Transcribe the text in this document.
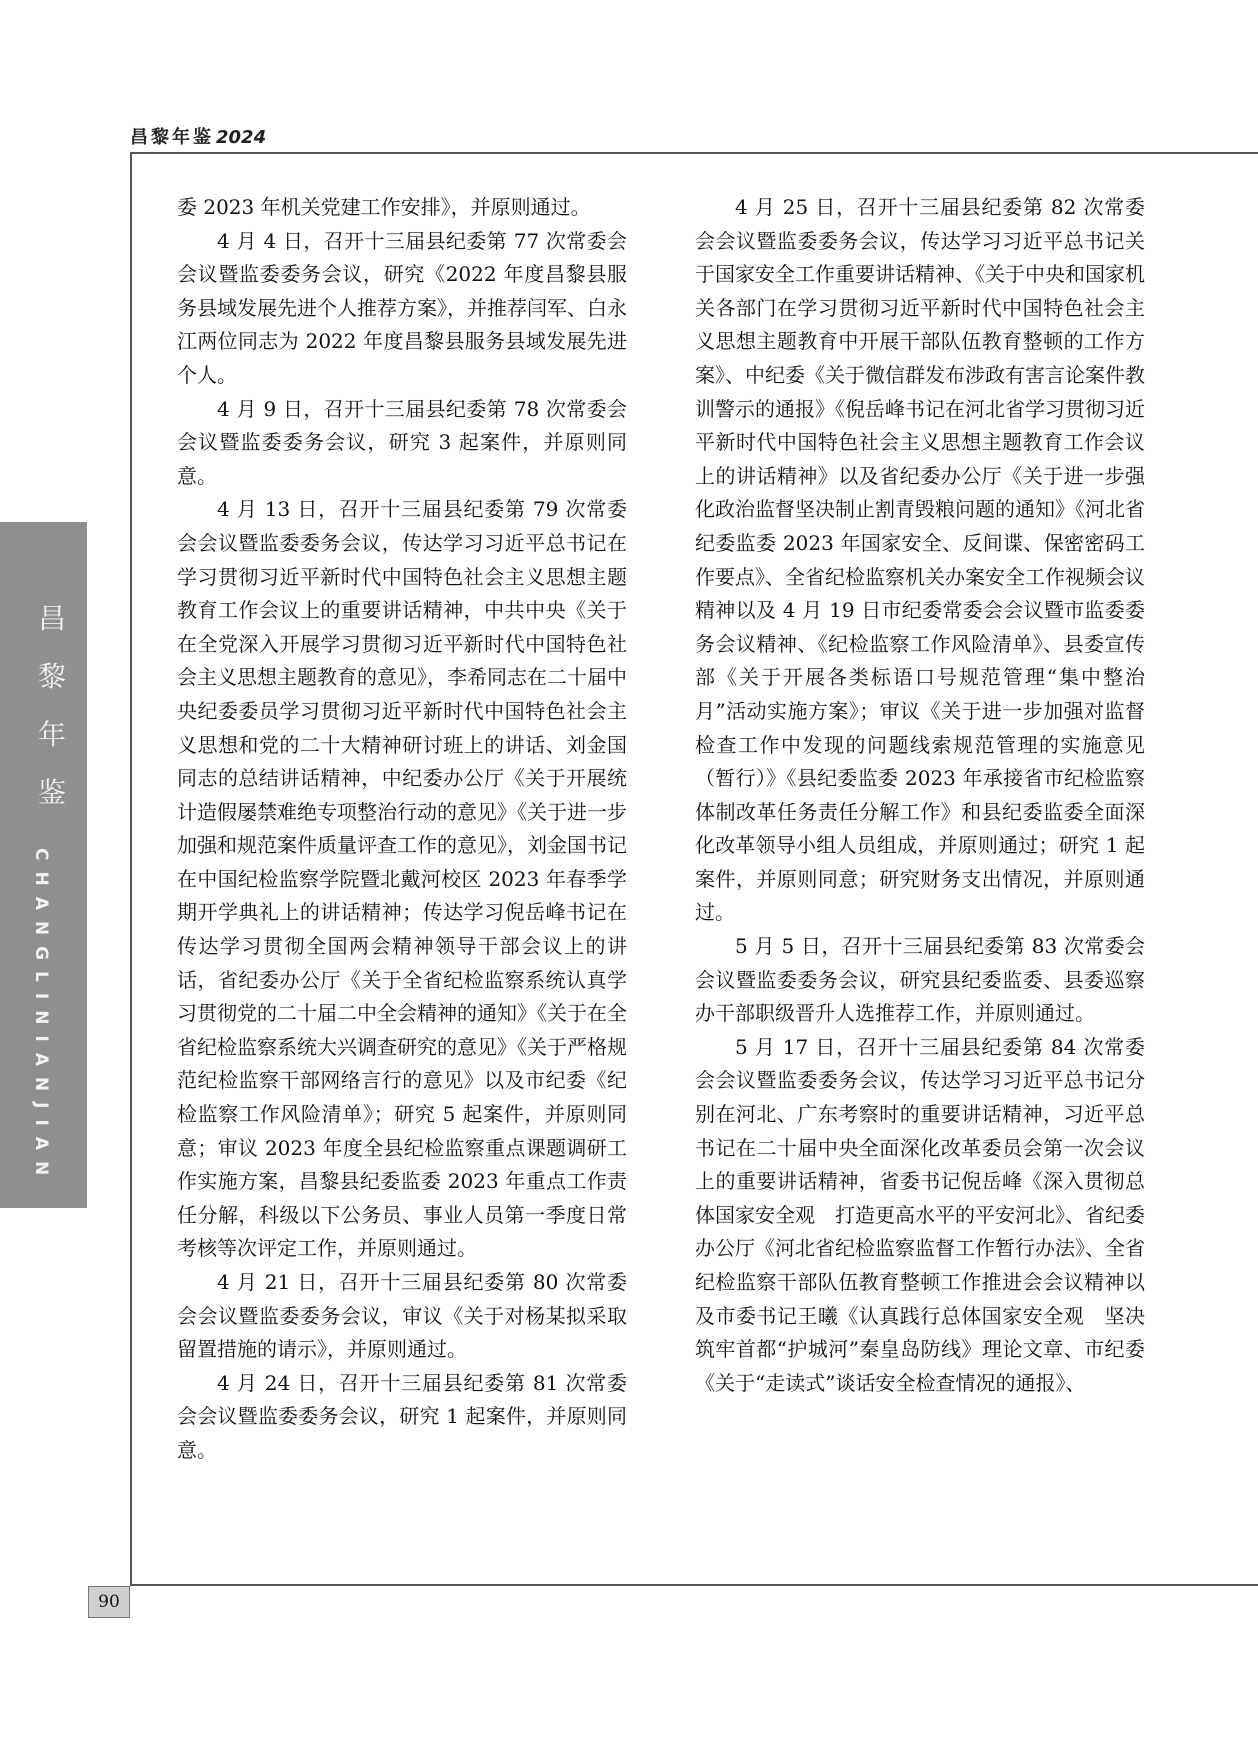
昌黎年鉴 2024
昌
黎
年
鉴
CHANGLINIANJIAN

委 2023 年机关党建工作安排》，并原则通过。

4 月 4 日，召开十三届县纪委第 77 次常委会会议暨监委委务会议，研究《2022 年度昌黎县服务县域发展先进个人推荐方案》，并推荐闫军、白永江两位同志为 2022 年度昌黎县服务县域发展先进个人。

4 月 9 日，召开十三届县纪委第 78 次常委会会议暨监委委务会议，研究 3 起案件，并原则同意。

4 月 13 日，召开十三届县纪委第 79 次常委会会议暨监委委务会议，传达学习习近平总书记在学习贯彻习近平新时代中国特色社会主义思想主题教育工作会议上的重要讲话精神，中共中央《关于在全党深入开展学习贯彻习近平新时代中国特色社会主义思想主题教育的意见》，李希同志在二十届中央纪委委员学习贯彻习近平新时代中国特色社会主义思想和党的二十大精神研讨班上的讲话、刘金国同志的总结讲话精神，中纪委办公厅《关于开展统计造假屡禁难绝专项整治行动的意见》《关于进一步加强和规范案件质量评查工作的意见》，刘金国书记在中国纪检监察学院暨北戴河校区 2023 年春季学期开学典礼上的讲话精神；传达学习倪岳峰书记在传达学习贯彻全国两会精神领导干部会议上的讲话，省纪委办公厅《关于全省纪检监察系统认真学习贯彻党的二十届二中全会精神的通知》《关于在全省纪检监察系统大兴调查研究的意见》《关于严格规范纪检监察干部网络言行的意见》以及市纪委《纪检监察工作风险清单》；研究 5 起案件，并原则同意；审议 2023 年度全县纪检监察重点课题调研工作实施方案，昌黎县纪委监委 2023 年重点工作责任分解，科级以下公务员、事业人员第一季度日常考核等次评定工作，并原则通过。

4 月 21 日，召开十三届县纪委第 80 次常委会会议暨监委委务会议，审议《关于对杨某拟采取留置措施的请示》，并原则通过。

4 月 24 日，召开十三届县纪委第 81 次常委会会议暨监委委务会议，研究 1 起案件，并原则同意。

4 月 25 日，召开十三届县纪委第 82 次常委会会议暨监委委务会议，传达学习习近平总书记关于国家安全工作重要讲话精神、《关于中央和国家机关各部门在学习贯彻习近平新时代中国特色社会主义思想主题教育中开展干部队伍教育整顿的工作方案》、中纪委《关于微信群发布涉政有害言论案件教训警示的通报》《倪岳峰书记在河北省学习贯彻习近平新时代中国特色社会主义思想主题教育工作会议上的讲话精神》以及省纪委办公厅《关于进一步强化政治监督坚决制止割青毁粮问题的通知》《河北省纪委监委 2023 年国家安全、反间谍、保密密码工作要点》、全省纪检监察机关办案安全工作视频会议精神以及 4 月 19 日市纪委常委会会议暨市监委委务会议精神、《纪检监察工作风险清单》、县委宣传部《关于开展各类标语口号规范管理“集中整治月”活动实施方案》；审议《关于进一步加强对监督检查工作中发现的问题线索规范管理的实施意见（暂行）》《县纪委监委 2023 年承接省市纪检监察体制改革任务责任分解工作》和县纪委监委全面深化改革领导小组人员组成，并原则通过；研究 1 起案件，并原则同意；研究财务支出情况，并原则通过。

5 月 5 日，召开十三届县纪委第 83 次常委会会议暨监委委务会议，研究县纪委监委、县委巡察办干部职级晋升人选推荐工作，并原则通过。

5 月 17 日，召开十三届县纪委第 84 次常委会会议暨监委委务会议，传达学习习近平总书记分别在河北、广东考察时的重要讲话精神，习近平总书记在二十届中央全面深化改革委员会第一次会议上的重要讲话精神，省委书记倪岳峰《深入贯彻总体国家安全观　打造更高水平的平安河北》、省纪委办公厅《河北省纪检监察监督工作暂行办法》、全省纪检监察干部队伍教育整顿工作推进会会议精神以及市委书记王曦《认真践行总体国家安全观　坚决筑牢首都“护城河”秦皇岛防线》理论文章、市纪委《关于“走读式”谈话安全检查情况的通报》、

90
